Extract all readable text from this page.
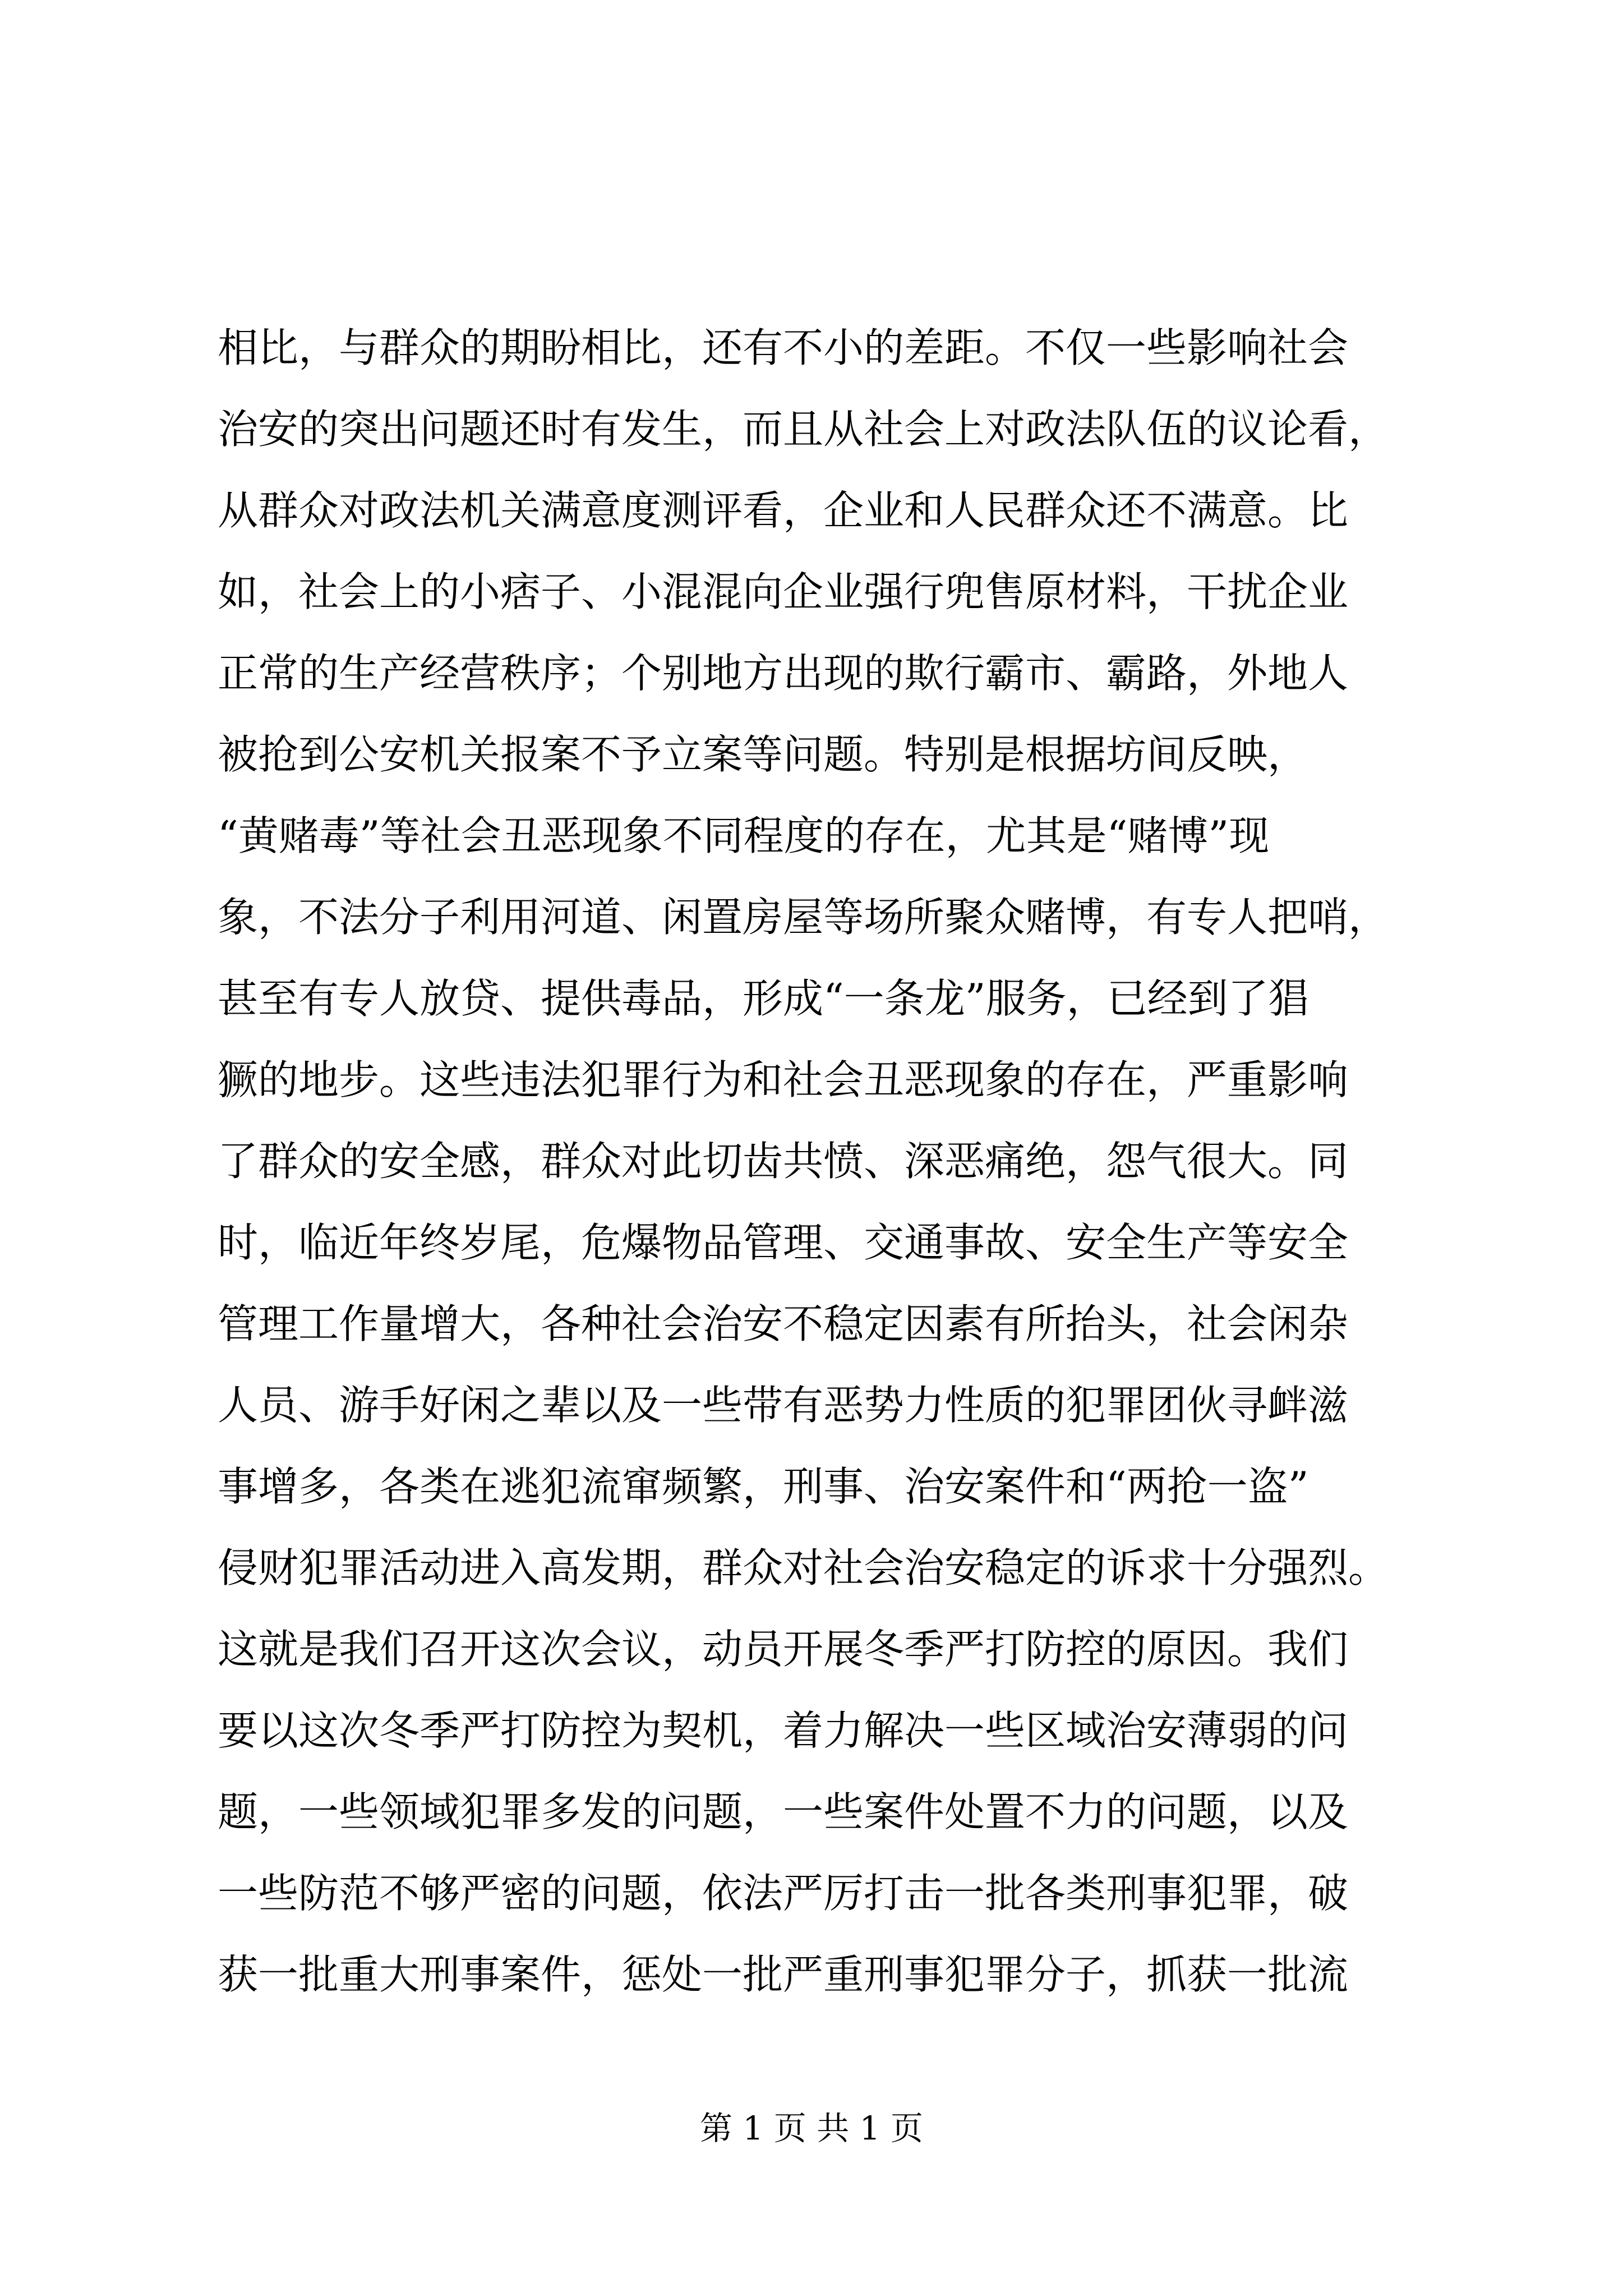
相比，与群众的期盼相比，还有不小的差距。不仅一些影响社会
治安的突出问题还时有发生，而且从社会上对政法队伍的议论看，
从群众对政法机关满意度测评看，企业和人民群众还不满意。比
如，社会上的小痞子、小混混向企业强行兜售原材料，干扰企业
正常的生产经营秩序；个别地方出现的欺行霸市、霸路，外地人
被抢到公安机关报案不予立案等问题。特别是根据坊间反映，
“黄赌毒”等社会丑恶现象不同程度的存在，尤其是“赌博”现
象，不法分子利用河道、闲置房屋等场所聚众赌博，有专人把哨，
甚至有专人放贷、提供毒品，形成“一条龙”服务，已经到了猖
獗的地步。这些违法犯罪行为和社会丑恶现象的存在，严重影响
了群众的安全感，群众对此切齿共愤、深恶痛绝，怨气很大。同
时，临近年终岁尾，危爆物品管理、交通事故、安全生产等安全
管理工作量增大，各种社会治安不稳定因素有所抬头，社会闲杂
人员、游手好闲之辈以及一些带有恶势力性质的犯罪团伙寻衅滋
事增多，各类在逃犯流窜频繁，刑事、治安案件和“两抢一盗”
侵财犯罪活动进入高发期，群众对社会治安稳定的诉求十分强烈。
这就是我们召开这次会议，动员开展冬季严打防控的原因。我们
要以这次冬季严打防控为契机，着力解决一些区域治安薄弱的问
题，一些领域犯罪多发的问题，一些案件处置不力的问题，以及
一些防范不够严密的问题，依法严厉打击一批各类刑事犯罪，破
获一批重大刑事案件，惩处一批严重刑事犯罪分子，抓获一批流
第 1 页 共 1 页
